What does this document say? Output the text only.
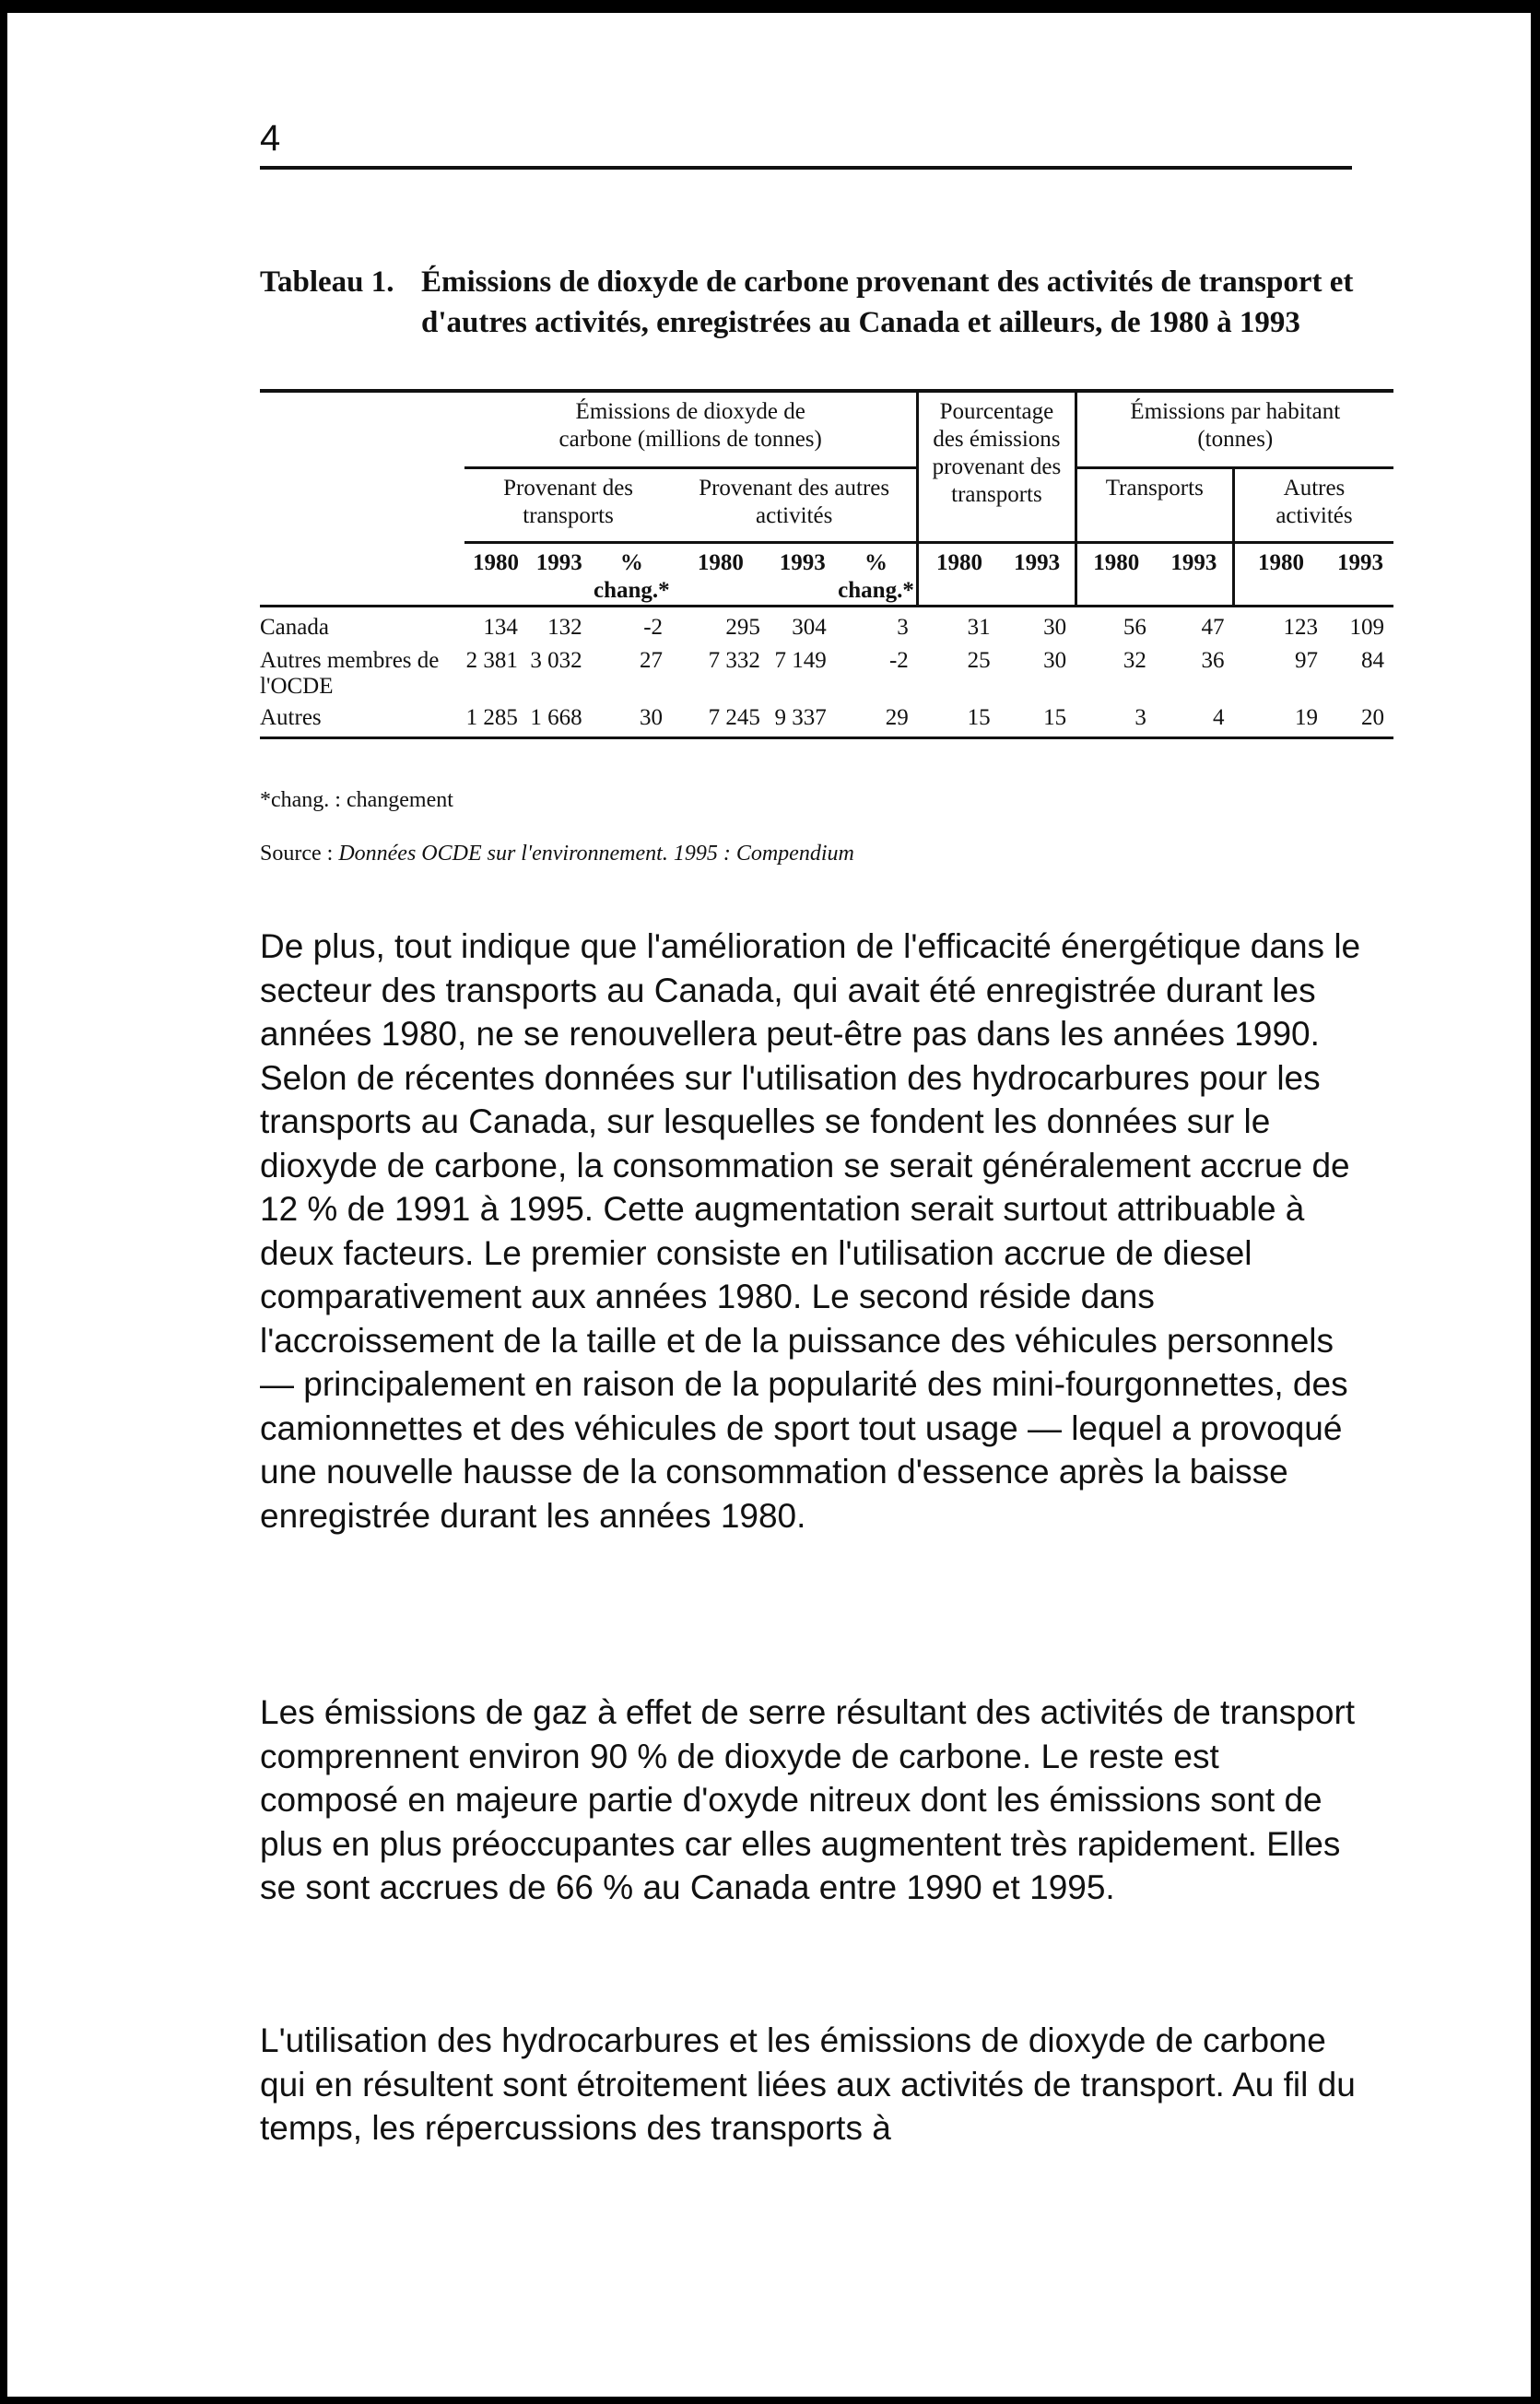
4
Tableau 1. Émissions de dioxyde de carbone provenant des activités de transport et d'autres activités, enregistrées au Canada et ailleurs, de 1980 à 1993
	Émissions de dioxyde de carbone (millions de tonnes)						Pourcentage des émissions provenant des transports		Émissions par habitant (tonnes)			
	Provenant des transports			Provenant des autres activités					Transports		Autres activités	
	1980	1993	% chang.*	1980	1993	% chang.*	1980	1993	1980	1993	1980	1993
Canada	134	132	-2	295	304	3	31	30	56	47	123	109
Autres membres de l'OCDE	2 381	3 032	27	7 332	7 149	-2	25	30	32	36	97	84
Autres	1 285	1 668	30	7 245	9 337	29	15	15	3	4	19	20
*chang. : changement
Source : Données OCDE sur l'environnement. 1995 : Compendium
De plus, tout indique que l'amélioration de l'efficacité énergétique dans le secteur des transports au Canada, qui avait été enregistrée durant les années 1980, ne se renouvellera peut-être pas dans les années 1990. Selon de récentes données sur l'utilisation des hydrocarbures pour les transports au Canada, sur lesquelles se fondent les données sur le dioxyde de carbone, la consommation se serait généralement accrue de 12 % de 1991 à 1995. Cette augmentation serait surtout attribuable à deux facteurs. Le premier consiste en l'utilisation accrue de diesel comparativement aux années 1980. Le second réside dans l'accroissement de la taille et de la puissance des véhicules personnels — principalement en raison de la popularité des mini-fourgonnettes, des camionnettes et des véhicules de sport tout usage — lequel a provoqué une nouvelle hausse de la consommation d'essence après la baisse enregistrée durant les années 1980.
Les émissions de gaz à effet de serre résultant des activités de transport comprennent environ 90 % de dioxyde de carbone. Le reste est composé en majeure partie d'oxyde nitreux dont les émissions sont de plus en plus préoccupantes car elles augmentent très rapidement. Elles se sont accrues de 66 % au Canada entre 1990 et 1995.
L'utilisation des hydrocarbures et les émissions de dioxyde de carbone qui en résultent sont étroitement liées aux activités de transport. Au fil du temps, les répercussions des transports à
